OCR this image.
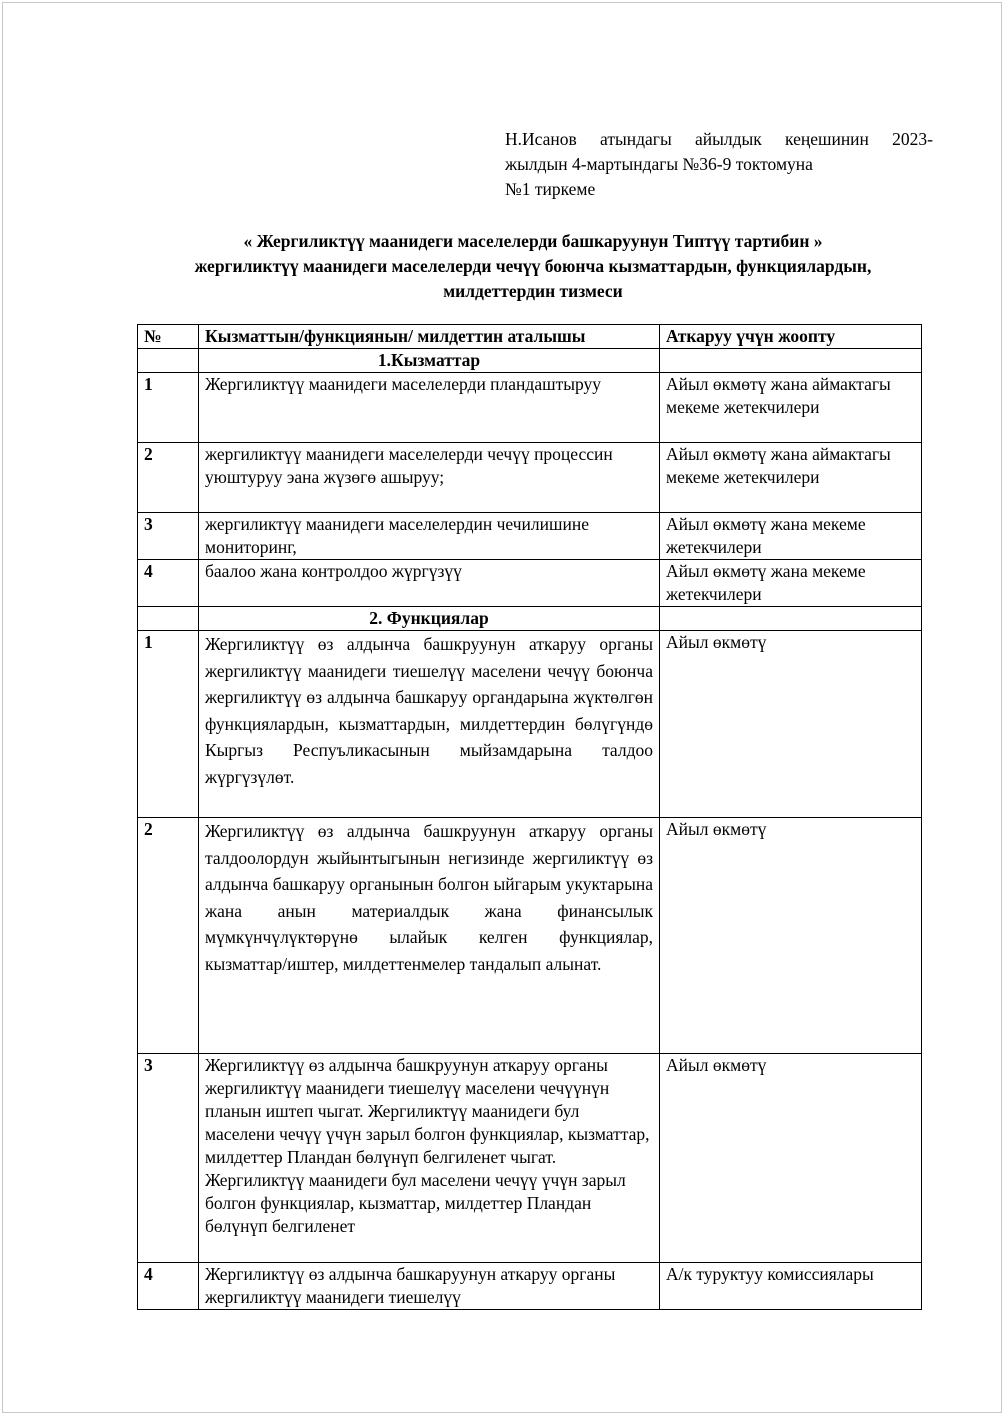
Н.Исанов атындагы айылдык кеңешинин 2023-
жылдын 4-мартындагы №36-9 токтомуна
№1 тиркеме
« Жергиликтүү маанидеги маселелерди башкаруунун Типтүү тартибин »
жергиликтүү маанидеги маселелерди чечүү боюнча кызматтардын, функциялардын,
милдеттердин тизмеси
№	Кызматтын/функциянын/ милдеттин аталышы	Аткаруу үчүн жоопту
	1.Кызматтар	
1	Жергиликтүү маанидеги маселелерди пландаштыруу	Айыл өкмөтү жана аймактагы мекеме жетекчилери
2	жергиликтүү маанидеги маселелерди чечүү процессин уюштуруу эана жүзөгө ашыруу;	Айыл өкмөтү жана аймактагы мекеме жетекчилери
3	жергиликтүү маанидеги маселелердин чечилишине мониторинг,	Айыл өкмөтү жана мекеме жетекчилери
4	баалоо жана контролдоо жүргүзүү	Айыл өкмөтү жана мекеме жетекчилери
	2. Функциялар	
1	Жергиликтүү өз алдынча башкруунун аткаруу органы жергиликтүү маанидеги тиешелүү маселени чечүү боюнча жергиликтүү өз алдынча башкаруу органдарына жүктөлгөн функциялардын, кызматтардын, милдеттердин бөлүгүндө Кыргыз Респуъликасынын мыйзамдарына талдоо жүргүзүлөт.	Айыл өкмөтү
2	Жергиликтүү өз алдынча башкруунун аткаруу органы талдоолордун жыйынтыгынын негизинде жергиликтүү өз алдынча башкаруу органынын болгон ыйгарым укуктарына жана анын материалдык жана финансылык мүмкүнчүлүктөрүнө ылайык келген функциялар, кызматтар/иштер, милдеттенмелер тандалып алынат.	Айыл өкмөтү
3	Жергиликтүү өз алдынча башкруунун аткаруу органы жергиликтүү маанидеги тиешелүү маселени чечүүнүн планын иштеп чыгат. Жергиликтүү маанидеги бул маселени чечүү үчүн зарыл болгон функциялар, кызматтар, милдеттер Пландан бөлүнүп белгиленет чыгат. Жергиликтүү маанидеги бул маселени чечүү үчүн зарыл болгон функциялар, кызматтар, милдеттер Пландан бөлүнүп белгиленет	Айыл өкмөтү
4	Жергиликтүү өз алдынча башкаруунун аткаруу органы жергиликтүү маанидеги тиешелүү	А/к туруктуу комиссиялары
